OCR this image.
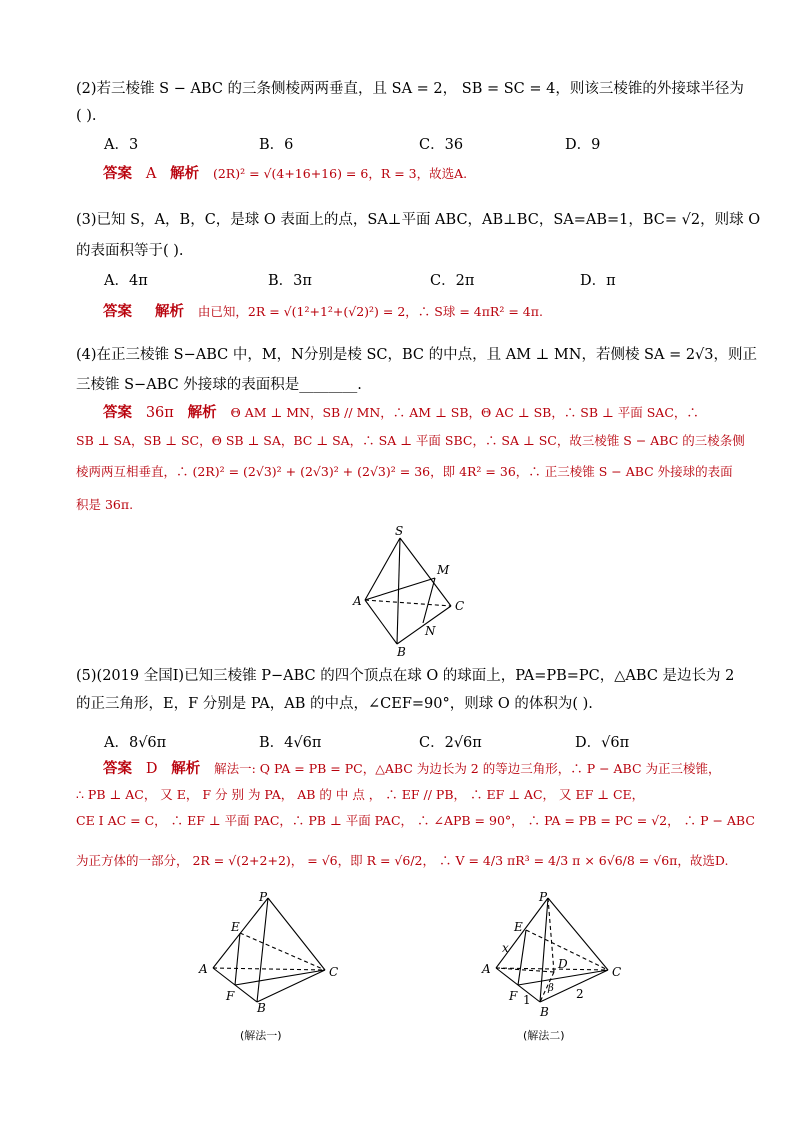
(2)若三棱锥 S − ABC 的三条侧棱两两垂直，且 SA = 2， SB = SC = 4，则该三棱锥的外接球半径为
( ).
A．3	B．6	C．36	D．9
答案 A 解析 (2R)² = √(4+16+16) = 6，R = 3，故选A.
(3)已知 S，A，B，C，是球 O 表面上的点，SA⊥平面 ABC，AB⊥BC，SA=AB=1，BC= √2，则球 O
的表面积等于( ).
A．4π	B．3π	C．2π	D．π
答案 解析 由已知，2R = √(1²+1²+(√2)²) = 2，∴ S球 = 4πR² = 4π.
(4)在正三棱锥 S−ABC 中，M，N分别是棱 SC，BC 的中点，且 AM ⊥ MN，若侧棱 SA = 2√3，则正
三棱锥 S−ABC 外接球的表面积是________.
答案 36π 解析 Θ AM ⊥ MN，SB // MN，∴ AM ⊥ SB，Θ AC ⊥ SB，∴ SB ⊥ 平面 SAC，∴
SB ⊥ SA，SB ⊥ SC，Θ SB ⊥ SA，BC ⊥ SA，∴ SA ⊥ 平面 SBC，∴ SA ⊥ SC，故三棱锥 S − ABC 的三棱条侧
棱两两互相垂直，∴ (2R)² = (2√3)² + (2√3)² + (2√3)² = 36，即 4R² = 36，∴ 正三棱锥 S − ABC 外接球的表面
积是 36π.
S
M
A	C
N
B
(5)(2019 全国Ⅰ)已知三棱锥 P−ABC 的四个顶点在球 O 的球面上，PA=PB=PC，△ABC 是边长为 2
的正三角形，E，F 分别是 PA，AB 的中点，∠CEF=90°，则球 O 的体积为( ).
A．8√6π	B．4√6π	C．2√6π	D．√6π
答案 D 解析 解法一: Q PA = PB = PC，△ABC 为边长为 2 的等边三角形，∴ P − ABC 为正三棱锥，
∴ PB ⊥ AC， 又 E， F 分 别 为 PA， AB 的 中 点 ， ∴ EF // PB， ∴ EF ⊥ AC， 又 EF ⊥ CE，
CE I AC = C， ∴ EF ⊥ 平面 PAC，∴ PB ⊥ 平面 PAC， ∴ ∠APB = 90°， ∴ PA = PB = PC = √2， ∴ P − ABC
为正方体的一部分， 2R = √(2+2+2)， = √6，即 R = √6/2， ∴ V = 4/3 πR³ = 4/3 π × 6√6/8 = √6π，故选D.
P
E
A	C
F
B
(解法一)
P
E
x
A	D
C
F 1
B
2
β
(解法二)
